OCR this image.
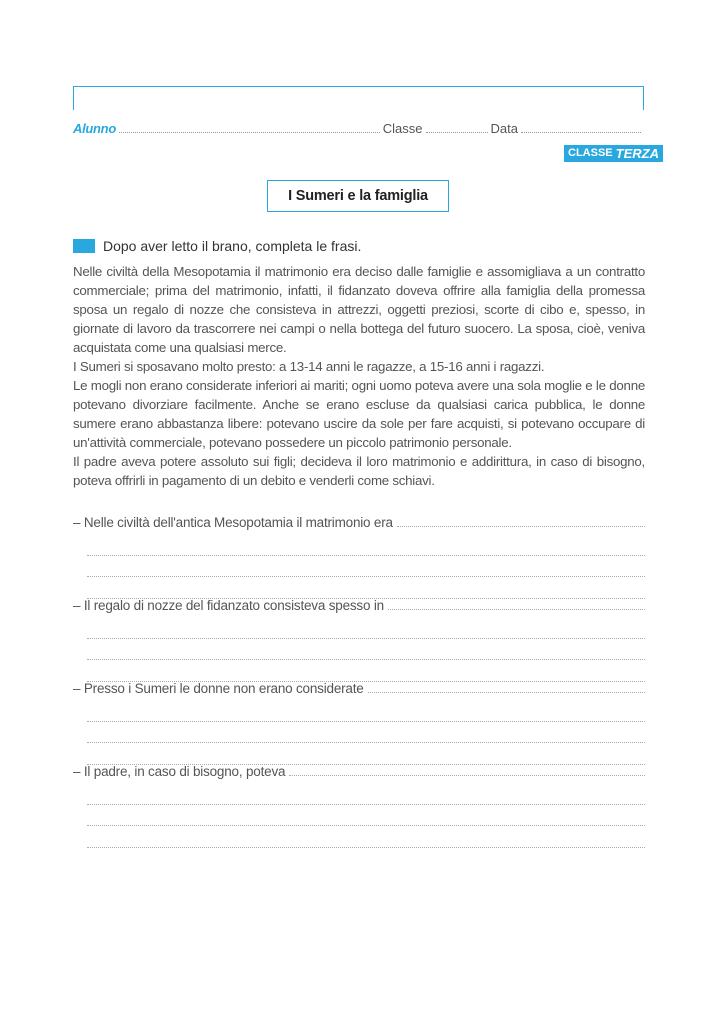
Alunno	Classe	Data
CLASSE TERZA
I Sumeri e la famiglia
Dopo aver letto il brano, completa le frasi.

Nelle civiltà della Mesopotamia il matrimonio era deciso dalle famiglie e assomigliava a un contratto commerciale; prima del matrimonio, infatti, il fidanzato doveva offrire alla famiglia della promessa sposa un regalo di nozze che consisteva in attrezzi, oggetti preziosi, scorte di cibo e, spesso, in giornate di lavoro da trascorrere nei campi o nella bottega del futuro suocero. La sposa, cioè, veniva acquistata come una qualsiasi merce.

I Sumeri si sposavano molto presto: a 13-14 anni le ragazze, a 15-16 anni i ragazzi.

Le mogli non erano considerate inferiori ai mariti; ogni uomo poteva avere una sola moglie e le donne potevano divorziare facilmente. Anche se erano escluse da qualsiasi carica pubblica, le donne sumere erano abbastanza libere: potevano uscire da sole per fare acquisti, si potevano occupare di un'attività commerciale, potevano possedere un piccolo patrimonio personale.

Il padre aveva potere assoluto sui figli; decideva il loro matrimonio e addirittura, in caso di bisogno, poteva offrirli in pagamento di un debito e venderli come schiavi.

– Nelle civiltà dell'antica Mesopotamia il matrimonio era
– Il regalo di nozze del fidanzato consisteva spesso in
– Presso i Sumeri le donne non erano considerate
– Il padre, in caso di bisogno, poteva
